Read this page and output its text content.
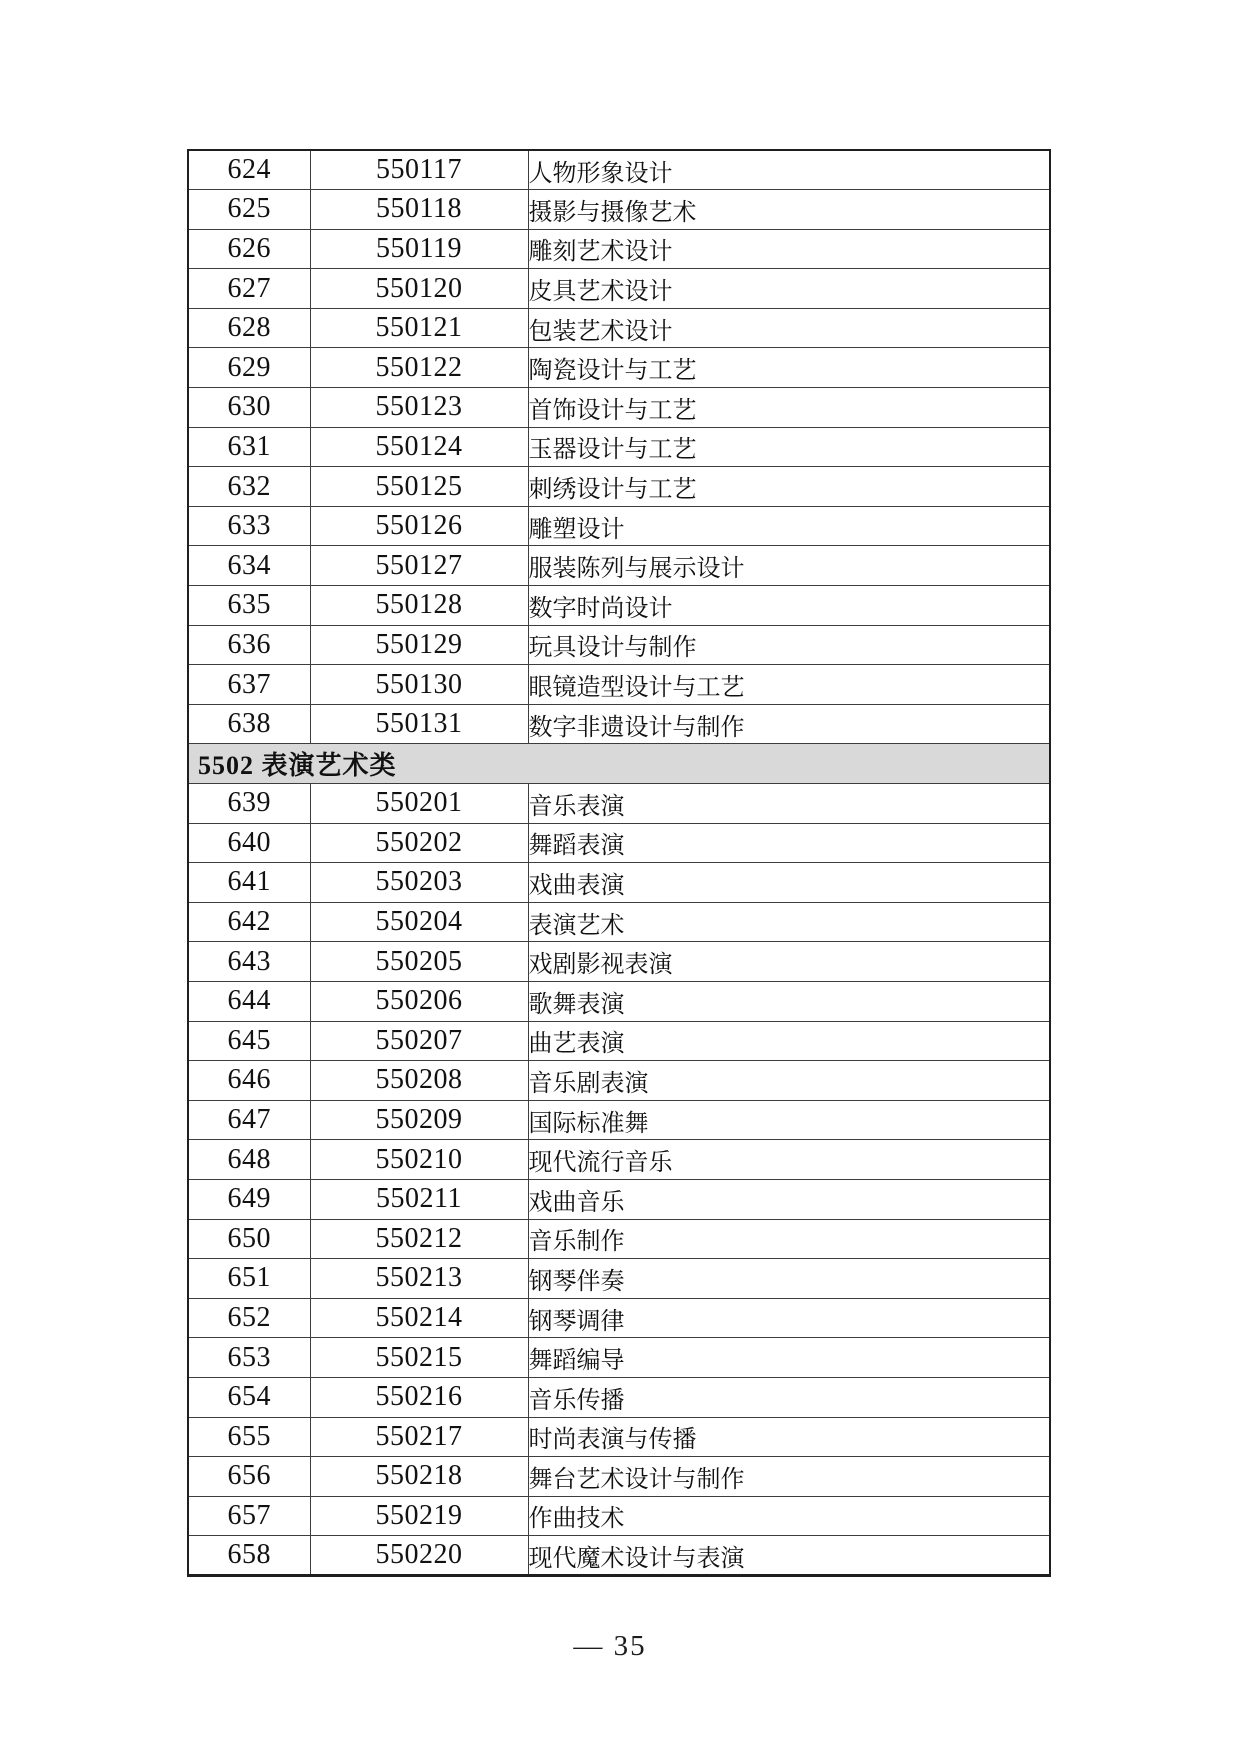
624	550117	人物形象设计
625	550118	摄影与摄像艺术
626	550119	雕刻艺术设计
627	550120	皮具艺术设计
628	550121	包装艺术设计
629	550122	陶瓷设计与工艺
630	550123	首饰设计与工艺
631	550124	玉器设计与工艺
632	550125	刺绣设计与工艺
633	550126	雕塑设计
634	550127	服装陈列与展示设计
635	550128	数字时尚设计
636	550129	玩具设计与制作
637	550130	眼镜造型设计与工艺
638	550131	数字非遗设计与制作
5502 表演艺术类		
639	550201	音乐表演
640	550202	舞蹈表演
641	550203	戏曲表演
642	550204	表演艺术
643	550205	戏剧影视表演
644	550206	歌舞表演
645	550207	曲艺表演
646	550208	音乐剧表演
647	550209	国际标准舞
648	550210	现代流行音乐
649	550211	戏曲音乐
650	550212	音乐制作
651	550213	钢琴伴奏
652	550214	钢琴调律
653	550215	舞蹈编导
654	550216	音乐传播
655	550217	时尚表演与传播
656	550218	舞台艺术设计与制作
657	550219	作曲技术
658	550220	现代魔术设计与表演
— 35
